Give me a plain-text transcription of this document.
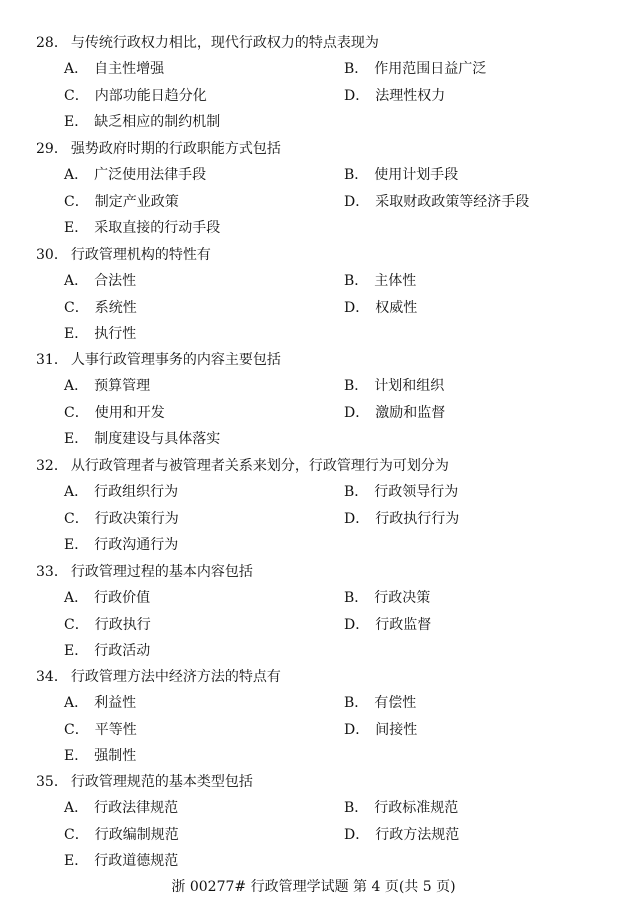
28． 与传统行政权力相比，现代行政权力的特点表现为
A． 自主性增强	B． 作用范围日益广泛
C． 内部功能日趋分化	D． 法理性权力
E． 缺乏相应的制约机制
29． 强势政府时期的行政职能方式包括
A． 广泛使用法律手段	B． 使用计划手段
C． 制定产业政策	D． 采取财政政策等经济手段
E． 采取直接的行动手段
30． 行政管理机构的特性有
A． 合法性	B． 主体性
C． 系统性	D． 权威性
E． 执行性
31． 人事行政管理事务的内容主要包括
A． 预算管理	B． 计划和组织
C． 使用和开发	D． 激励和监督
E． 制度建设与具体落实
32． 从行政管理者与被管理者关系来划分，行政管理行为可划分为
A． 行政组织行为	B． 行政领导行为
C． 行政决策行为	D． 行政执行行为
E． 行政沟通行为
33． 行政管理过程的基本内容包括
A． 行政价值	B． 行政决策
C． 行政执行	D． 行政监督
E． 行政活动
34． 行政管理方法中经济方法的特点有
A． 利益性	B． 有偿性
C． 平等性	D． 间接性
E． 强制性
35． 行政管理规范的基本类型包括
A． 行政法律规范	B． 行政标准规范
C． 行政编制规范	D． 行政方法规范
E． 行政道德规范
浙 00277# 行政管理学试题 第 4 页(共 5 页)
